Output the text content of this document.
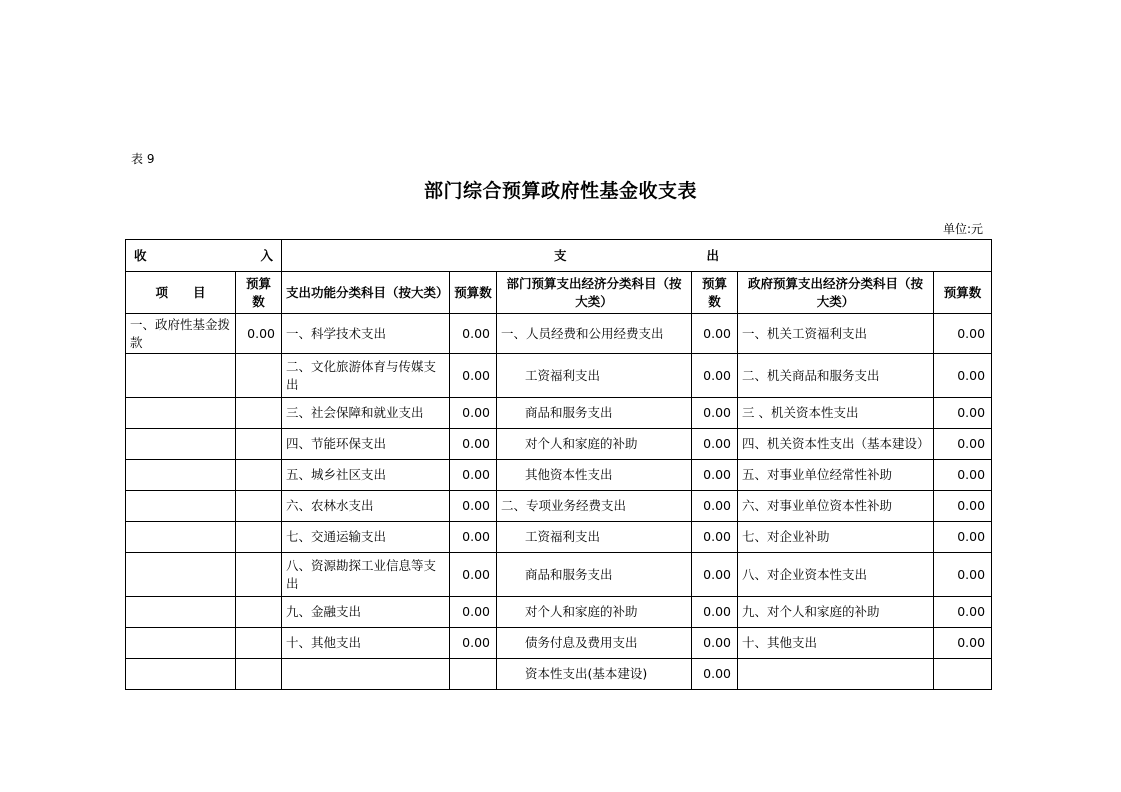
表 9
部门综合预算政府性基金收支表
单位:元
收 入		支 出					

项　　目	预算数	支出功能分类科目（按大类）	预算数	部门预算支出经济分类科目（按大类）	预算数	政府预算支出经济分类科目（按大类）	预算数
一、政府性基金拨款	0.00	一、科学技术支出	0.00	一、人员经费和公用经费支出	0.00	一、机关工资福利支出	0.00
		二、文化旅游体育与传媒支出	0.00	工资福利支出	0.00	二、机关商品和服务支出	0.00
		三、社会保障和就业支出	0.00	商品和服务支出	0.00	三 、机关资本性支出	0.00
		四、节能环保支出	0.00	对个人和家庭的补助	0.00	四、机关资本性支出（基本建设）	0.00
		五、城乡社区支出	0.00	其他资本性支出	0.00	五、对事业单位经常性补助	0.00
		六、农林水支出	0.00	二、专项业务经费支出	0.00	六、对事业单位资本性补助	0.00
		七、交通运输支出	0.00	工资福利支出	0.00	七、对企业补助	0.00
		八、资源勘探工业信息等支出	0.00	商品和服务支出	0.00	八、对企业资本性支出	0.00
		九、金融支出	0.00	对个人和家庭的补助	0.00	九、对个人和家庭的补助	0.00
		十、其他支出	0.00	债务付息及费用支出	0.00	十、其他支出	0.00
				资本性支出(基本建设)	0.00		
